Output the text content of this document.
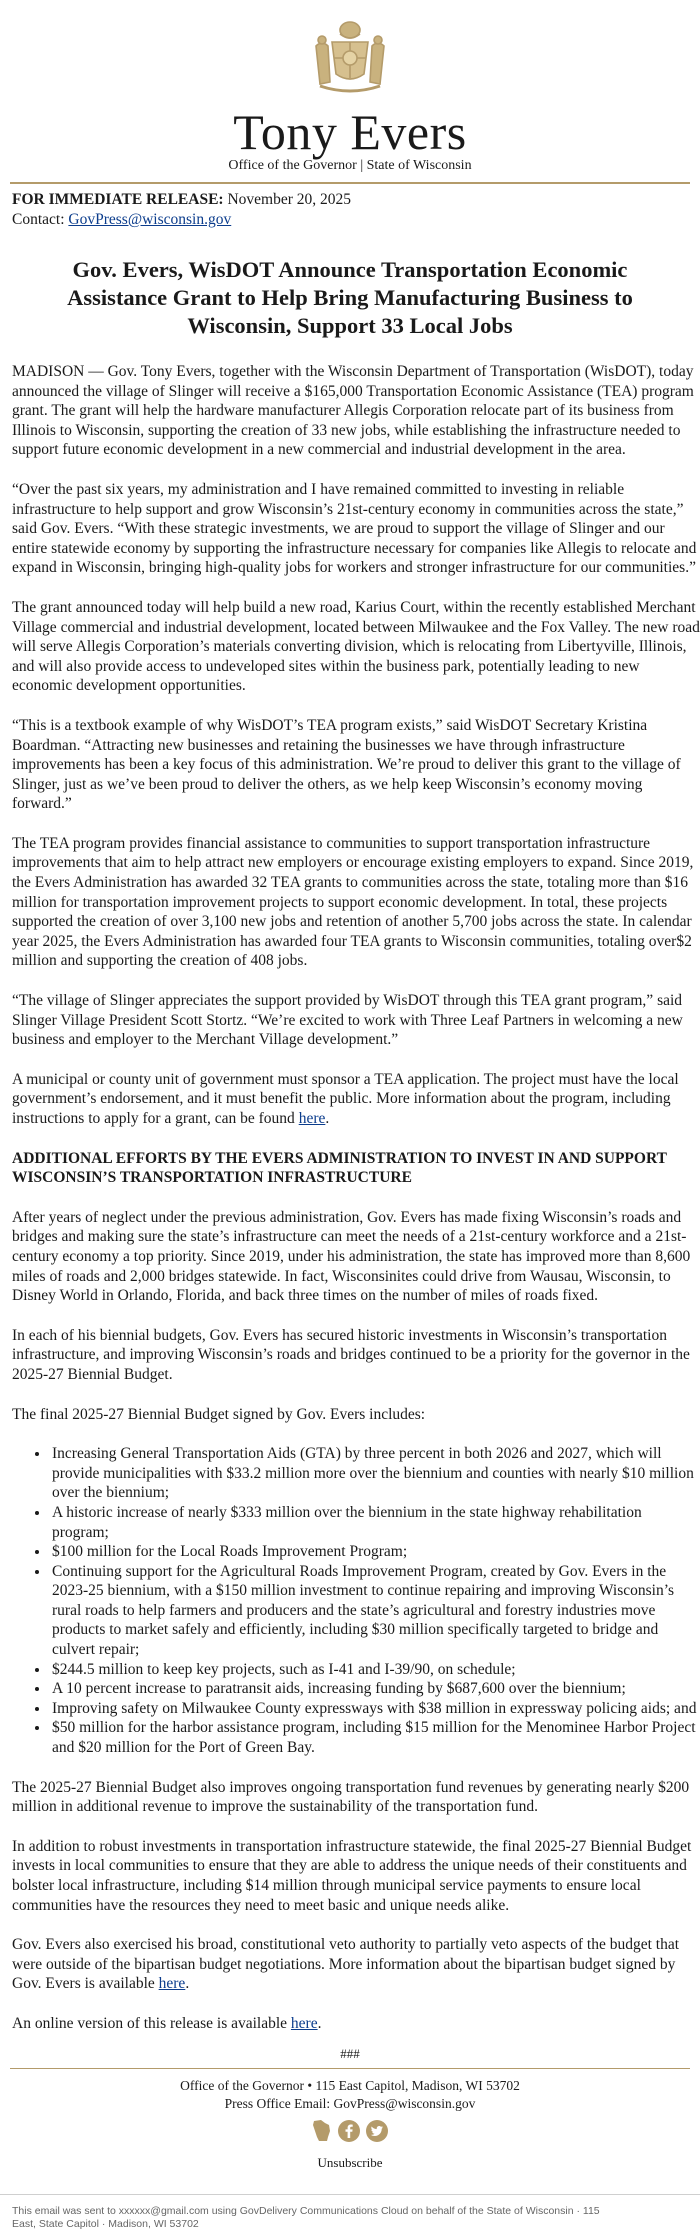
Tony Evers
Office of the Governor | State of Wisconsin
FOR IMMEDIATE RELEASE: November 20, 2025
Contact: GovPress@wisconsin.gov
Gov. Evers, WisDOT Announce Transportation Economic Assistance Grant to Help Bring Manufacturing Business to Wisconsin, Support 33 Local Jobs

MADISON — Gov. Tony Evers, together with the Wisconsin Department of Transportation (WisDOT), today announced the village of Slinger will receive a $165,000 Transportation Economic Assistance (TEA) program grant. The grant will help the hardware manufacturer Allegis Corporation relocate part of its business from Illinois to Wisconsin, supporting the creation of 33 new jobs, while establishing the infrastructure needed to support future economic development in a new commercial and industrial development in the area.

“Over the past six years, my administration and I have remained committed to investing in reliable infrastructure to help support and grow Wisconsin’s 21st-century economy in communities across the state,” said Gov. Evers. “With these strategic investments, we are proud to support the village of Slinger and our entire statewide economy by supporting the infrastructure necessary for companies like Allegis to relocate and expand in Wisconsin, bringing high-quality jobs for workers and stronger infrastructure for our communities.”

The grant announced today will help build a new road, Karius Court, within the recently established Merchant Village commercial and industrial development, located between Milwaukee and the Fox Valley. The new road will serve Allegis Corporation’s materials converting division, which is relocating from Libertyville, Illinois, and will also provide access to undeveloped sites within the business park, potentially leading to new economic development opportunities.

“This is a textbook example of why WisDOT’s TEA program exists,” said WisDOT Secretary Kristina Boardman. “Attracting new businesses and retaining the businesses we have through infrastructure improvements has been a key focus of this administration. We’re proud to deliver this grant to the village of Slinger, just as we’ve been proud to deliver the others, as we help keep Wisconsin’s economy moving forward.”

The TEA program provides financial assistance to communities to support transportation infrastructure improvements that aim to help attract new employers or encourage existing employers to expand. Since 2019, the Evers Administration has awarded 32 TEA grants to communities across the state, totaling more than $16 million for transportation improvement projects to support economic development. In total, these projects supported the creation of over 3,100 new jobs and retention of another 5,700 jobs across the state. In calendar year 2025, the Evers Administration has awarded four TEA grants to Wisconsin communities, totaling over$2 million and supporting the creation of 408 jobs.

“The village of Slinger appreciates the support provided by WisDOT through this TEA grant program,” said Slinger Village President Scott Stortz. “We’re excited to work with Three Leaf Partners in welcoming a new business and employer to the Merchant Village development.”

A municipal or county unit of government must sponsor a TEA application. The project must have the local government’s endorsement, and it must benefit the public. More information about the program, including instructions to apply for a grant, can be found here.

ADDITIONAL EFFORTS BY THE EVERS ADMINISTRATION TO INVEST IN AND SUPPORT WISCONSIN’S TRANSPORTATION INFRASTRUCTURE

After years of neglect under the previous administration, Gov. Evers has made fixing Wisconsin’s roads and bridges and making sure the state’s infrastructure can meet the needs of a 21st-century workforce and a 21st-century economy a top priority. Since 2019, under his administration, the state has improved more than 8,600 miles of roads and 2,000 bridges statewide. In fact, Wisconsinites could drive from Wausau, Wisconsin, to Disney World in Orlando, Florida, and back three times on the number of miles of roads fixed.

In each of his biennial budgets, Gov. Evers has secured historic investments in Wisconsin’s transportation infrastructure, and improving Wisconsin’s roads and bridges continued to be a priority for the governor in the 2025-27 Biennial Budget.

The final 2025-27 Biennial Budget signed by Gov. Evers includes:

• Increasing General Transportation Aids (GTA) by three percent in both 2026 and 2027, which will provide municipalities with $33.2 million more over the biennium and counties with nearly $10 million over the biennium;
• A historic increase of nearly $333 million over the biennium in the state highway rehabilitation program;
• $100 million for the Local Roads Improvement Program;
• Continuing support for the Agricultural Roads Improvement Program, created by Gov. Evers in the 2023-25 biennium, with a $150 million investment to continue repairing and improving Wisconsin’s rural roads to help farmers and producers and the state’s agricultural and forestry industries move products to market safely and efficiently, including $30 million specifically targeted to bridge and culvert repair;
• $244.5 million to keep key projects, such as I-41 and I-39/90, on schedule;
• A 10 percent increase to paratransit aids, increasing funding by $687,600 over the biennium;
• Improving safety on Milwaukee County expressways with $38 million in expressway policing aids; and
• $50 million for the harbor assistance program, including $15 million for the Menominee Harbor Project and $20 million for the Port of Green Bay.

The 2025-27 Biennial Budget also improves ongoing transportation fund revenues by generating nearly $200 million in additional revenue to improve the sustainability of the transportation fund.

In addition to robust investments in transportation infrastructure statewide, the final 2025-27 Biennial Budget invests in local communities to ensure that they are able to address the unique needs of their constituents and bolster local infrastructure, including $14 million through municipal service payments to ensure local communities have the resources they need to meet basic and unique needs alike.

Gov. Evers also exercised his broad, constitutional veto authority to partially veto aspects of the budget that were outside of the bipartisan budget negotiations. More information about the bipartisan budget signed by Gov. Evers is available here.

An online version of this release is available here.

###
Office of the Governor • 115 East Capitol, Madison, WI 53702
Press Office Email: GovPress@wisconsin.gov
Unsubscribe
This email was sent to xxxxxx@gmail.com using GovDelivery Communications Cloud on behalf of the State of Wisconsin · 115 East, State Capitol · Madison, WI 53702
